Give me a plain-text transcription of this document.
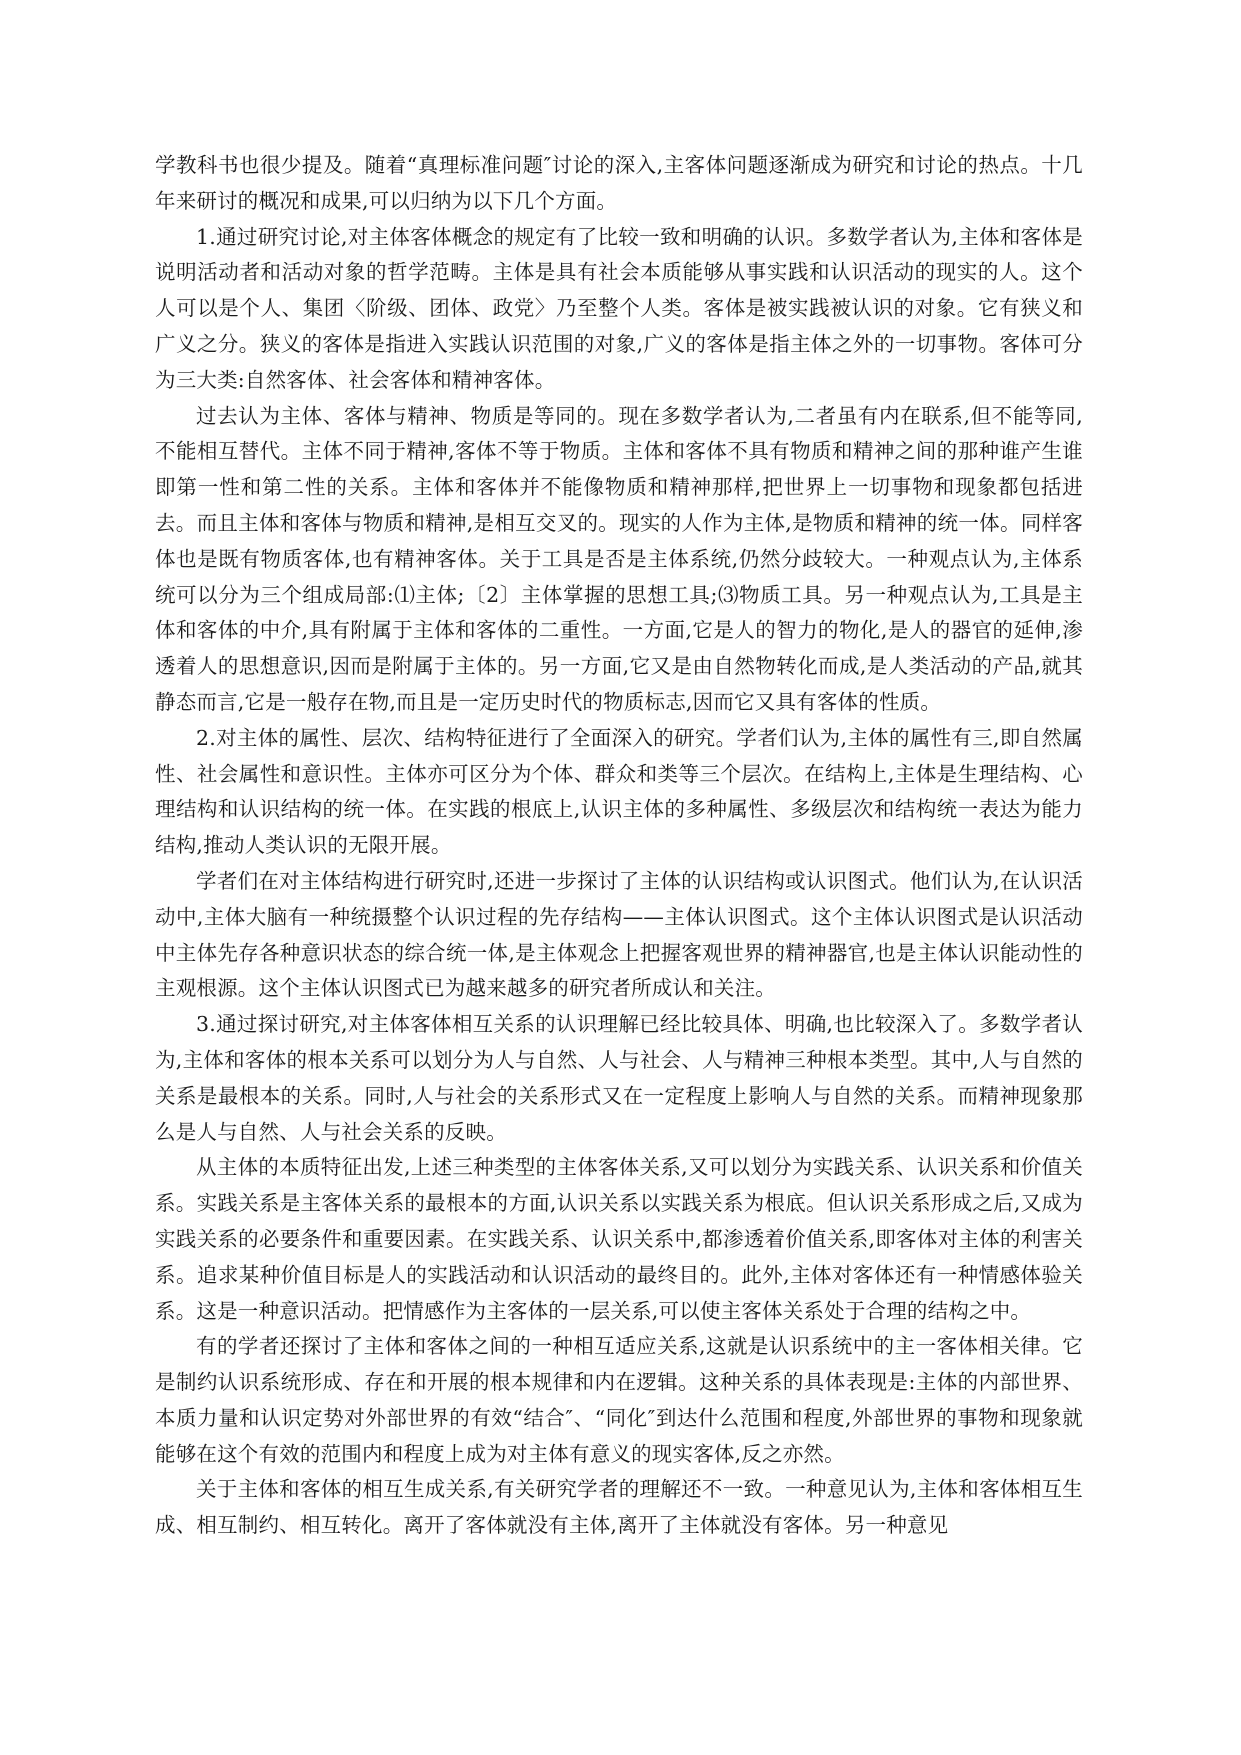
学教科书也很少提及。随着“真理标准问题″讨论的深入,主客体问题逐渐成为研究和讨论的热点。十几年来研讨的概况和成果,可以归纳为以下几个方面。

1.通过研究讨论,对主体客体概念的规定有了比较一致和明确的认识。多数学者认为,主体和客体是说明活动者和活动对象的哲学范畴。主体是具有社会本质能够从事实践和认识活动的现实的人。这个人可以是个人、集团〈阶级、团体、政党〉乃至整个人类。客体是被实践被认识的对象。它有狭义和广义之分。狭义的客体是指进入实践认识范围的对象,广义的客体是指主体之外的一切事物。客体可分为三大类:自然客体、社会客体和精神客体。

过去认为主体、客体与精神、物质是等同的。现在多数学者认为,二者虽有内在联系,但不能等同,不能相互替代。主体不同于精神,客体不等于物质。主体和客体不具有物质和精神之间的那种谁产生谁即第一性和第二性的关系。主体和客体并不能像物质和精神那样,把世界上一切事物和现象都包括进去。而且主体和客体与物质和精神,是相互交叉的。现实的人作为主体,是物质和精神的统一体。同样客体也是既有物质客体,也有精神客体。关于工具是否是主体系统,仍然分歧较大。一种观点认为,主体系统可以分为三个组成局部:⑴主体;〔2〕主体掌握的思想工具;⑶物质工具。另一种观点认为,工具是主体和客体的中介,具有附属于主体和客体的二重性。一方面,它是人的智力的物化,是人的器官的延伸,渗透着人的思想意识,因而是附属于主体的。另一方面,它又是由自然物转化而成,是人类活动的产品,就其静态而言,它是一般存在物,而且是一定历史时代的物质标志,因而它又具有客体的性质。

2.对主体的属性、层次、结构特征进行了全面深入的研究。学者们认为,主体的属性有三,即自然属性、社会属性和意识性。主体亦可区分为个体、群众和类等三个层次。在结构上,主体是生理结构、心理结构和认识结构的统一体。在实践的根底上,认识主体的多种属性、多级层次和结构统一表达为能力结构,推动人类认识的无限开展。

学者们在对主体结构进行研究时,还进一步探讨了主体的认识结构或认识图式。他们认为,在认识活动中,主体大脑有一种统摄整个认识过程的先存结构——主体认识图式。这个主体认识图式是认识活动中主体先存各种意识状态的综合统一体,是主体观念上把握客观世界的精神器官,也是主体认识能动性的主观根源。这个主体认识图式已为越来越多的研究者所成认和关注。

3.通过探讨研究,对主体客体相互关系的认识理解已经比较具体、明确,也比较深入了。多数学者认为,主体和客体的根本关系可以划分为人与自然、人与社会、人与精神三种根本类型。其中,人与自然的关系是最根本的关系。同时,人与社会的关系形式又在一定程度上影响人与自然的关系。而精神现象那么是人与自然、人与社会关系的反映。

从主体的本质特征出发,上述三种类型的主体客体关系,又可以划分为实践关系、认识关系和价值关系。实践关系是主客体关系的最根本的方面,认识关系以实践关系为根底。但认识关系形成之后,又成为实践关系的必要条件和重要因素。在实践关系、认识关系中,都渗透着价值关系,即客体对主体的利害关系。追求某种价值目标是人的实践活动和认识活动的最终目的。此外,主体对客体还有一种情感体验关系。这是一种意识活动。把情感作为主客体的一层关系,可以使主客体关系处于合理的结构之中。

有的学者还探讨了主体和客体之间的一种相互适应关系,这就是认识系统中的主一客体相关律。它是制约认识系统形成、存在和开展的根本规律和内在逻辑。这种关系的具体表现是:主体的内部世界、本质力量和认识定势对外部世界的有效“结合″、“同化″到达什么范围和程度,外部世界的事物和现象就能够在这个有效的范围内和程度上成为对主体有意义的现实客体,反之亦然。

关于主体和客体的相互生成关系,有关研究学者的理解还不一致。一种意见认为,主体和客体相互生成、相互制约、相互转化。离开了客体就没有主体,离开了主体就没有客体。另一种意见
